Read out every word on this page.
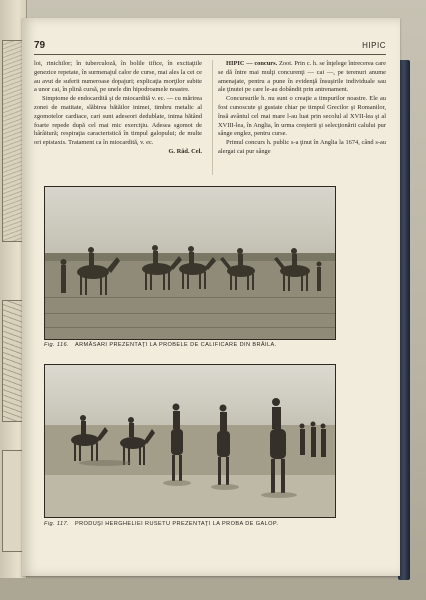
79	HIPIC

loi, rinichilor; în tuberculoză, în bolile tifice, în excitaţiile genezice repetate, în surmenajul calor de curse, mai ales la cei ce au avut de suferit numeroase dopajuri; explicaţia morţilor subite a unor cai, în plină cursă, pe unele din hipodroamele noastre.

Simptome de endocardită şi de miocardită v. ec. — cu mărirea zonei de matitate, slăbirea bătăilor inimei, timbru metalic al zgomotelor cardiace, cari sunt adeseori dedublate, inima bătând foarte repede după cel mai mic exerciţiu. Adesea sgomot de hârâitură; respiraţia caracteristică în timpul galopului; de multe ori epistaxis. Tratament ca în miocardită, v. ec.

G. Răd. Cel.

HIPIC — concurs. Zoot. Prin c. h. se înţelege întrecerea care se dă între mai mulţi concurenţi — cai —, pe terenuri anume amenajate, pentru a pune în evidenţă însuşirile individuale sau ale ţinutei pe care le-au dobândit prin antrenament.

Concursurile h. nu sunt o creaţie a timpurilor noastre. Ele au fost cunoscute şi gustate chiar pe timpul Grecilor şi Romanilor, însă avântul cel mai mare l-au luat prin secolul al XVII-lea şi al XVIII-lea, în Anglia, în urma creşterii şi selecţionării calului pur sânge englez, pentru curse.

Primul concurs h. public s-a ţinut în Anglia la 1674, când s-au alergat cai pur sânge

Fig. 116. ARMĂSARI PREZENTAŢI LA PROBELE DE CALIFICARE DIN BRĂILA.
Fig. 117. PRODUŞI HERGHELIEI RUSETU PREZENTAŢI LA PROBA DE GALOP.
